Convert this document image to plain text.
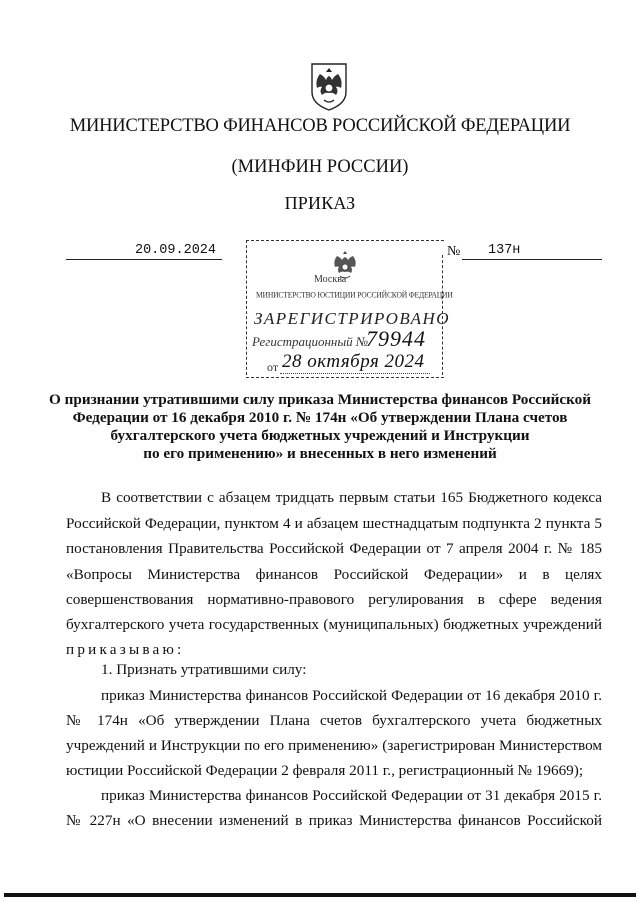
МИНИСТЕРСТВО ФИНАНСОВ РОССИЙСКОЙ ФЕДЕРАЦИИ
(МИНФИН РОССИИ)
ПРИКАЗ
20.09.2024	№ 137н
Москва
МИНИСТЕРСТВО ЮСТИЦИИ РОССИЙСКОЙ ФЕДЕРАЦИИ
ЗАРЕГИСТРИРОВАНО
Регистрационный №
79944
от 28 октября 2024
О признании утратившими силу приказа Министерства финансов Российской
Федерации от 16 декабря 2010 г. № 174н «Об утверждении Плана счетов
бухгалтерского учета бюджетных учреждений и Инструкции
по его применению» и внесенных в него изменений
В соответствии с абзацем тридцать первым статьи 165 Бюджетного кодекса
Российской Федерации, пунктом 4 и абзацем шестнадцатым подпункта 2 пункта 5
постановления Правительства Российской Федерации от 7 апреля 2004 г. № 185
«Вопросы Министерства финансов Российской Федерации» и в целях
совершенствования нормативно-правового регулирования в сфере ведения
бухгалтерского учета государственных (муниципальных) бюджетных учреждений
приказываю:
1. Признать утратившими силу:
приказ Министерства финансов Российской Федерации от 16 декабря 2010 г.
№ 174н «Об утверждении Плана счетов бухгалтерского учета бюджетных
учреждений и Инструкции по его применению» (зарегистрирован Министерством
юстиции Российской Федерации 2 февраля 2011 г., регистрационный № 19669);
приказ Министерства финансов Российской Федерации от 31 декабря 2015 г.
№ 227н «О внесении изменений в приказ Министерства финансов Российской
